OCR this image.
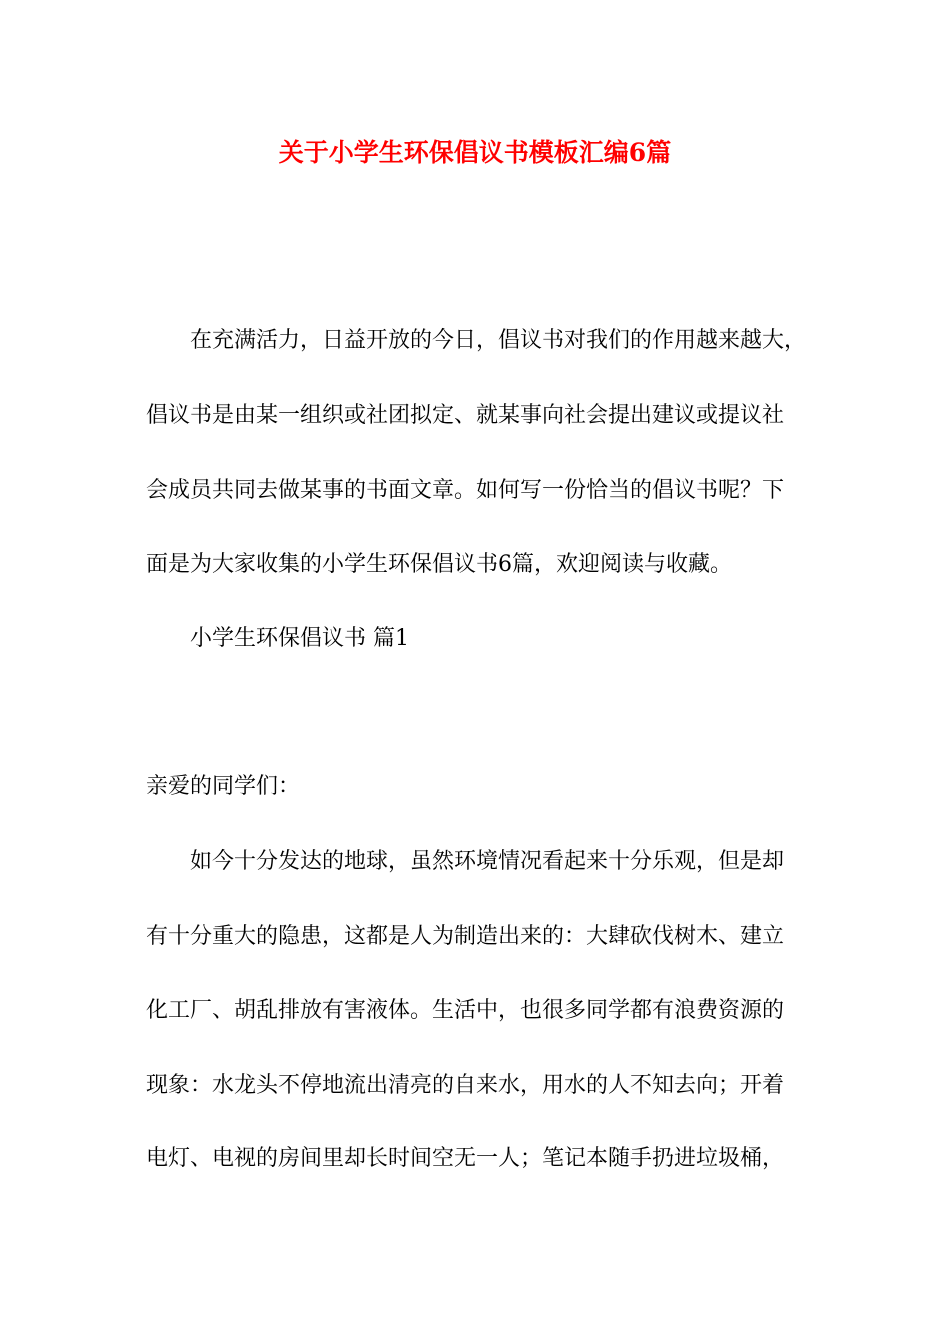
关于小学生环保倡议书模板汇编6篇
在充满活力，日益开放的今日，倡议书对我们的作用越来越大，
倡议书是由某一组织或社团拟定、就某事向社会提出建议或提议社
会成员共同去做某事的书面文章。如何写一份恰当的倡议书呢？下
面是为大家收集的小学生环保倡议书6篇，欢迎阅读与收藏。
小学生环保倡议书 篇1
亲爱的同学们：
如今十分发达的地球，虽然环境情况看起来十分乐观，但是却
有十分重大的隐患，这都是人为制造出来的：大肆砍伐树木、建立
化工厂、胡乱排放有害液体。生活中，也很多同学都有浪费资源的
现象：水龙头不停地流出清亮的自来水，用水的人不知去向；开着
电灯、电视的房间里却长时间空无一人；笔记本随手扔进垃圾桶，
